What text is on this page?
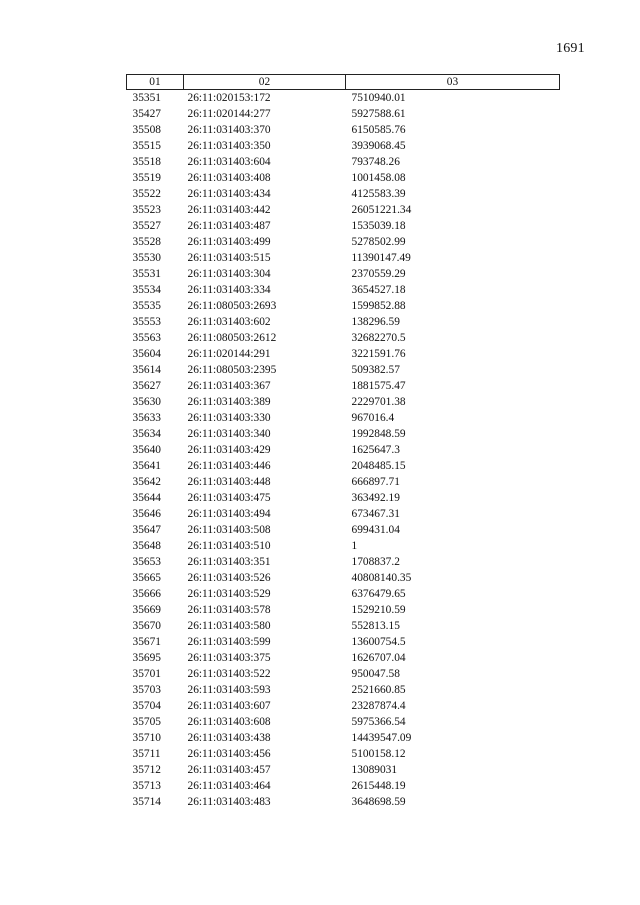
1691
01	02	03
35351	26:11:020153:172	7510940.01
35427	26:11:020144:277	5927588.61
35508	26:11:031403:370	6150585.76
35515	26:11:031403:350	3939068.45
35518	26:11:031403:604	793748.26
35519	26:11:031403:408	1001458.08
35522	26:11:031403:434	4125583.39
35523	26:11:031403:442	26051221.34
35527	26:11:031403:487	1535039.18
35528	26:11:031403:499	5278502.99
35530	26:11:031403:515	11390147.49
35531	26:11:031403:304	2370559.29
35534	26:11:031403:334	3654527.18
35535	26:11:080503:2693	1599852.88
35553	26:11:031403:602	138296.59
35563	26:11:080503:2612	32682270.5
35604	26:11:020144:291	3221591.76
35614	26:11:080503:2395	509382.57
35627	26:11:031403:367	1881575.47
35630	26:11:031403:389	2229701.38
35633	26:11:031403:330	967016.4
35634	26:11:031403:340	1992848.59
35640	26:11:031403:429	1625647.3
35641	26:11:031403:446	2048485.15
35642	26:11:031403:448	666897.71
35644	26:11:031403:475	363492.19
35646	26:11:031403:494	673467.31
35647	26:11:031403:508	699431.04
35648	26:11:031403:510	1
35653	26:11:031403:351	1708837.2
35665	26:11:031403:526	40808140.35
35666	26:11:031403:529	6376479.65
35669	26:11:031403:578	1529210.59
35670	26:11:031403:580	552813.15
35671	26:11:031403:599	13600754.5
35695	26:11:031403:375	1626707.04
35701	26:11:031403:522	950047.58
35703	26:11:031403:593	2521660.85
35704	26:11:031403:607	23287874.4
35705	26:11:031403:608	5975366.54
35710	26:11:031403:438	14439547.09
35711	26:11:031403:456	5100158.12
35712	26:11:031403:457	13089031
35713	26:11:031403:464	2615448.19
35714	26:11:031403:483	3648698.59
